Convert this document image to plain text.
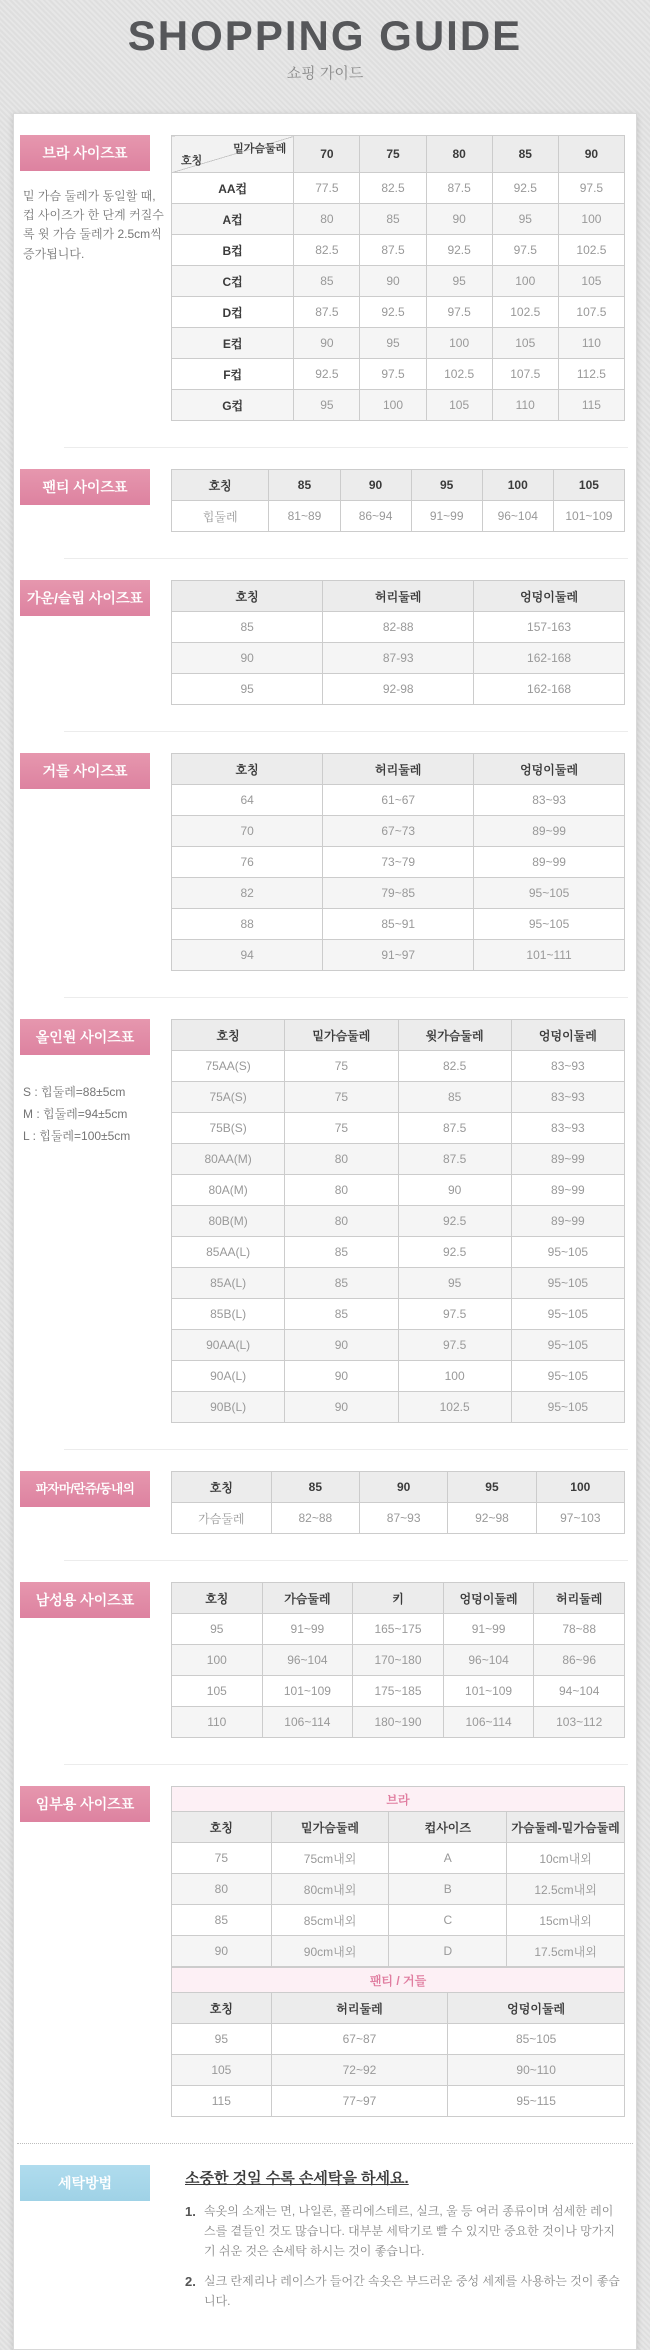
SHOPPING GUIDE
쇼핑 가이드
브라 사이즈표

밑 가슴 둘레가 동일할 때, 컵 사이즈가 한 단계 커질수록 윗 가슴 둘레가 2.5cm씩 증가됩니다.

밑가슴둘레
호칭	70	75	80	85	90
AA컵	77.5	82.5	87.5	92.5	97.5
A컵	80	85	90	95	100
B컵	82.5	87.5	92.5	97.5	102.5
C컵	85	90	95	100	105
D컵	87.5	92.5	97.5	102.5	107.5
E컵	90	95	100	105	110
F컵	92.5	97.5	102.5	107.5	112.5
G컵	95	100	105	110	115
팬티 사이즈표	호칭	85	90	95	100	105
힙둘레	81~89	86~94	91~99	96~104	101~109
가운/슬립 사이즈표	호칭	허리둘레	엉덩이둘레
85	82-88	157-163
90	87-93	162-168
95	92-98	162-168
거들 사이즈표	호칭	허리둘레	엉덩이둘레
64	61~67	83~93
70	67~73	89~99
76	73~79	89~99
82	79~85	95~105
88	85~91	95~105
94	91~97	101~111
올인원 사이즈표
S : 힙둘레=88±5cm
M : 힙둘레=94±5cm
L : 힙둘레=100±5cm
호칭	밑가슴둘레	윗가슴둘레	엉덩이둘레
75AA(S)	75	82.5	83~93
75A(S)	75	85	83~93
75B(S)	75	87.5	83~93
80AA(M)	80	87.5	89~99
80A(M)	80	90	89~99
80B(M)	80	92.5	89~99
85AA(L)	85	92.5	95~105
85A(L)	85	95	95~105
85B(L)	85	97.5	95~105
90AA(L)	90	97.5	95~105
90A(L)	90	100	95~105
90B(L)	90	102.5	95~105
파자마/란쥬/동내의	호칭	85	90	95	100
가슴둘레	82~88	87~93	92~98	97~103
남성용 사이즈표	호칭	가슴둘레	키	엉덩이둘레	허리둘레
95	91~99	165~175	91~99	78~88
100	96~104	170~180	96~104	86~96
105	101~109	175~185	101~109	94~104
110	106~114	180~190	106~114	103~112
임부용 사이즈표	브라			
호칭	밑가슴둘레	컵사이즈	가슴둘레-밑가슴둘레
75	75cm내외	A	10cm내외
80	80cm내외	B	12.5cm내외
85	85cm내외	C	15cm내외
90	90cm내외	D	17.5cm내외
팬티 / 거들		
호칭	허리둘레	엉덩이둘레
95	67~87	85~105
105	72~92	90~110
115	77~97	95~115
세탁방법	소중한 것일 수록 손세탁을 하세요.
1. 속옷의 소재는 면, 나일론, 폴리에스테르, 실크, 울 등 여러 종류이며 섬세한 레이스를 곁들인 것도 많습니다. 대부분 세탁기로 빨 수 있지만 중요한 것이나 망가지기 쉬운 것은 손세탁 하시는 것이 좋습니다.
2. 실크 란제리나 레이스가 들어간 속옷은 부드러운 중성 세제를 사용하는 것이 좋습니다.
